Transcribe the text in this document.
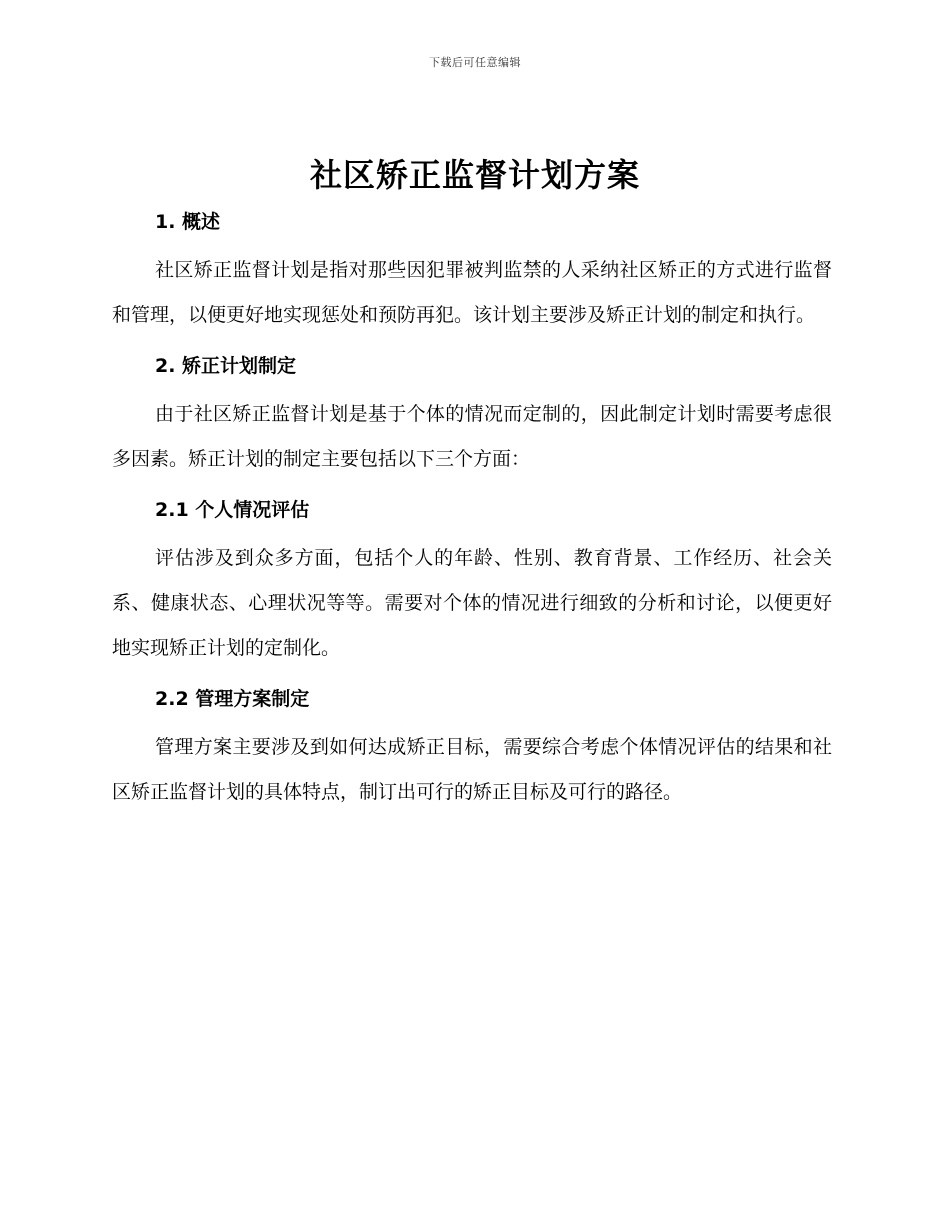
下载后可任意编辑
社区矫正监督计划方案
1. 概述

社区矫正监督计划是指对那些因犯罪被判监禁的人采纳社区矫正的方式进行监督和管理，以便更好地实现惩处和预防再犯。该计划主要涉及矫正计划的制定和执行。

2. 矫正计划制定

由于社区矫正监督计划是基于个体的情况而定制的，因此制定计划时需要考虑很多因素。矫正计划的制定主要包括以下三个方面：

2.1 个人情况评估

评估涉及到众多方面，包括个人的年龄、性别、教育背景、工作经历、社会关系、健康状态、心理状况等等。需要对个体的情况进行细致的分析和讨论，以便更好地实现矫正计划的定制化。

2.2 管理方案制定

管理方案主要涉及到如何达成矫正目标，需要综合考虑个体情况评估的结果和社区矫正监督计划的具体特点，制订出可行的矫正目标及可行的路径。
